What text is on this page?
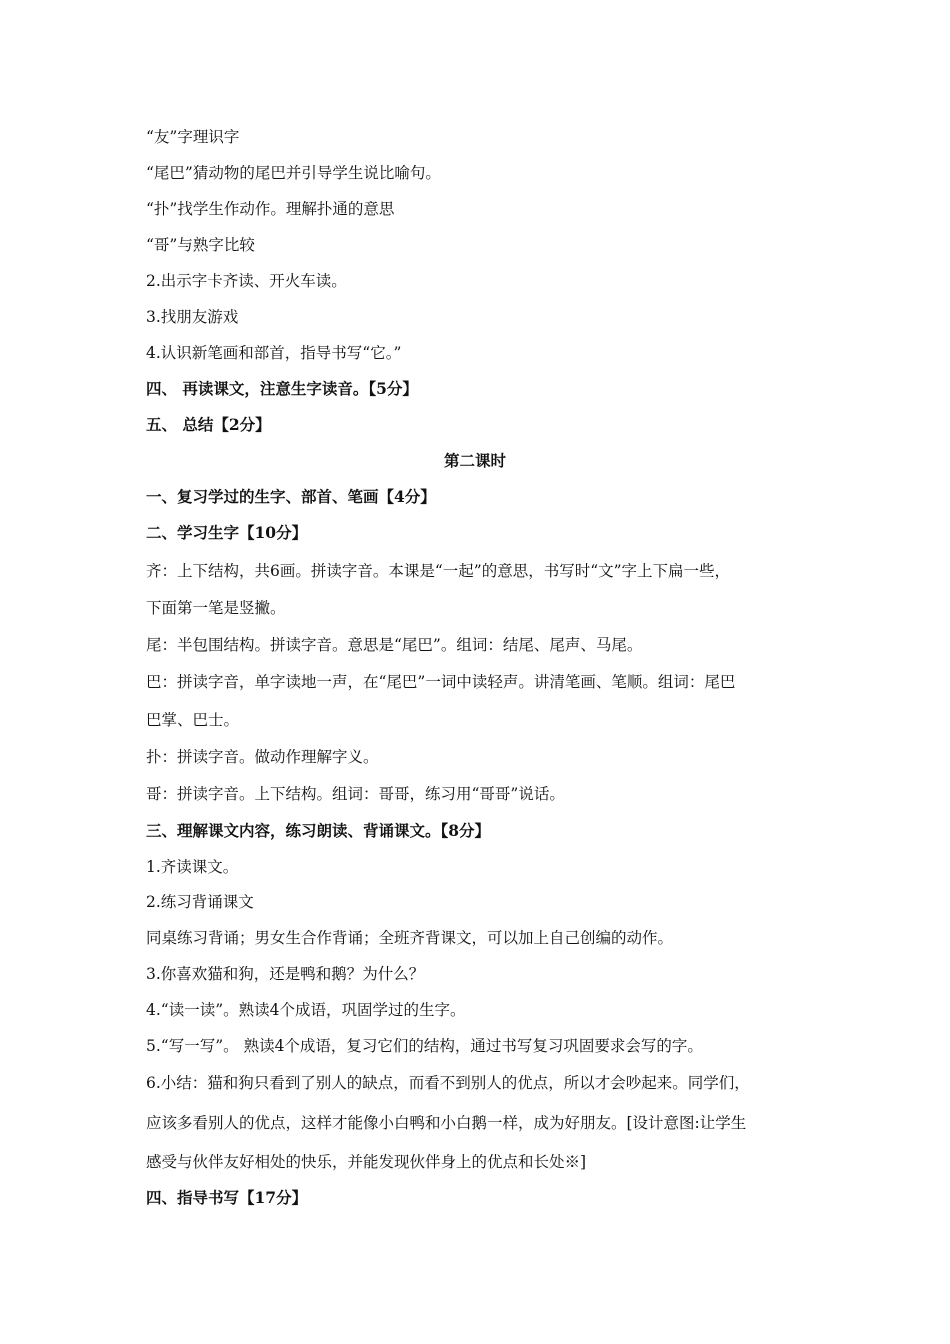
“友”字理识字
“尾巴”猜动物的尾巴并引导学生说比喻句。
“扑”找学生作动作。理解扑通的意思
“哥”与熟字比较
2.出示字卡齐读、开火车读。
3.找朋友游戏
4.认识新笔画和部首，指导书写“它。”
四、 再读课文，注意生字读音。【5分】
五、 总结【2分】
第二课时
一、复习学过的生字、部首、笔画【4分】
二、学习生字【10分】
齐：上下结构，共6画。拼读字音。本课是“一起”的意思，书写时“文”字上下扁一些，
下面第一笔是竖撇。
尾：半包围结构。拼读字音。意思是“尾巴”。组词：结尾、尾声、马尾。
巴：拼读字音，单字读地一声，在“尾巴”一词中读轻声。讲清笔画、笔顺。组词：尾巴
巴掌、巴士。
扑：拼读字音。做动作理解字义。
哥：拼读字音。上下结构。组词：哥哥，练习用“哥哥”说话。
三、理解课文内容，练习朗读、背诵课文。【8分】
1.齐读课文。
2.练习背诵课文
同桌练习背诵；男女生合作背诵；全班齐背课文，可以加上自己创编的动作。
3.你喜欢猫和狗，还是鸭和鹅？为什么？
4.“读一读”。熟读4个成语，巩固学过的生字。
5.“写一写”。 熟读4个成语，复习它们的结构，通过书写复习巩固要求会写的字。
6.小结：猫和狗只看到了别人的缺点，而看不到别人的优点，所以才会吵起来。同学们，
应该多看别人的优点，这样才能像小白鸭和小白鹅一样，成为好朋友。[设计意图:让学生
感受与伙伴友好相处的快乐，并能发现伙伴身上的优点和长处※]
四、指导书写【17分】
